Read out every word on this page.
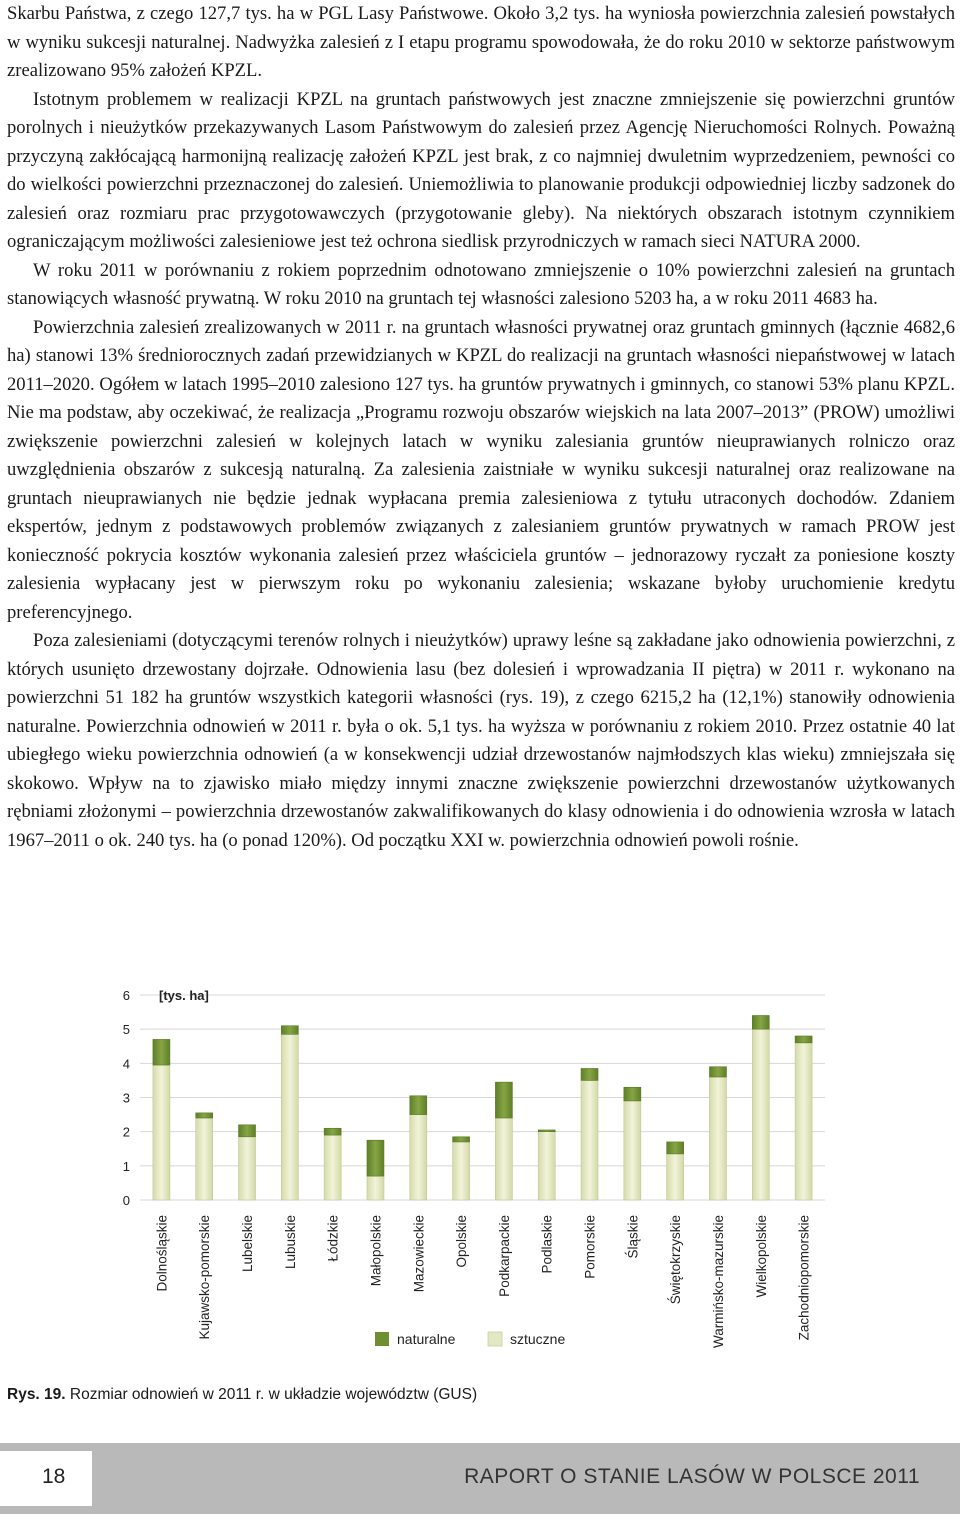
Skarbu Państwa, z czego 127,7 tys. ha w PGL Lasy Państwowe. Około 3,2 tys. ha wyniosła powierzchnia zalesień powstałych w wyniku sukcesji naturalnej. Nadwyżka zalesień z I etapu programu spowodowała, że do roku 2010 w sektorze państwowym zrealizowano 95% założeń KPZL.

Istotnym problemem w realizacji KPZL na gruntach państwowych jest znaczne zmniejszenie się powierzchni gruntów porolnych i nieużytków przekazywanych Lasom Państwowym do zalesień przez Agencję Nieruchomości Rolnych. Poważną przyczyną zakłócającą harmonijną realizację założeń KPZL jest brak, z co najmniej dwuletnim wyprzedzeniem, pewności co do wielkości powierzchni przeznaczonej do zalesień. Uniemożliwia to planowanie produkcji odpowiedniej liczby sadzonek do zalesień oraz rozmiaru prac przygotowawczych (przygotowanie gleby). Na niektórych obszarach istotnym czynnikiem ograniczającym możliwości zalesieniowe jest też ochrona siedlisk przyrodniczych w ramach sieci NATURA 2000.

W roku 2011 w porównaniu z rokiem poprzednim odnotowano zmniejszenie o 10% powierzchni zalesień na gruntach stanowiących własność prywatną. W roku 2010 na gruntach tej własności zalesiono 5203 ha, a w roku 2011 4683 ha.

Powierzchnia zalesień zrealizowanych w 2011 r. na gruntach własności prywatnej oraz gruntach gminnych (łącznie 4682,6 ha) stanowi 13% średniorocznych zadań przewidzianych w KPZL do realizacji na gruntach własności niepaństwowej w latach 2011–2020. Ogółem w latach 1995–2010 zalesiono 127 tys. ha gruntów prywatnych i gminnych, co stanowi 53% planu KPZL. Nie ma podstaw, aby oczekiwać, że realizacja „Programu rozwoju obszarów wiejskich na lata 2007–2013” (PROW) umożliwi zwiększenie powierzchni zalesień w kolejnych latach w wyniku zalesiania gruntów nieuprawianych rolniczo oraz uwzględnienia obszarów z sukcesją naturalną. Za zalesienia zaistniałe w wyniku sukcesji naturalnej oraz realizowane na gruntach nieuprawianych nie będzie jednak wypłacana premia zalesieniowa z tytułu utraconych dochodów. Zdaniem ekspertów, jednym z podstawowych problemów związanych z zalesianiem gruntów prywatnych w ramach PROW jest konieczność pokrycia kosztów wykonania zalesień przez właściciela gruntów – jednorazowy ryczałt za poniesione koszty zalesienia wypłacany jest w pierwszym roku po wykonaniu zalesienia; wskazane byłoby uruchomienie kredytu preferencyjnego.

Poza zalesieniami (dotyczącymi terenów rolnych i nieużytków) uprawy leśne są zakładane jako odnowienia powierzchni, z których usunięto drzewostany dojrzałe. Odnowienia lasu (bez dolesień i wprowadzania II piętra) w 2011 r. wykonano na powierzchni 51 182 ha gruntów wszystkich kategorii własności (rys. 19), z czego 6215,2 ha (12,1%) stanowiły odnowienia naturalne. Powierzchnia odnowień w 2011 r. była o ok. 5,1 tys. ha wyższa w porównaniu z rokiem 2010. Przez ostatnie 40 lat ubiegłego wieku powierzchnia odnowień (a w konsekwencji udział drzewostanów najmłodszych klas wieku) zmniejszała się skokowo. Wpływ na to zjawisko miało między innymi znaczne zwiększenie powierzchni drzewostanów użytkowanych rębniami złożonymi – powierzchnia drzewostanów zakwalifikowanych do klasy odnowienia i do odnowienia wzrosła w latach 1967–2011 o ok. 240 tys. ha (o ponad 120%). Od początku XXI w. powierzchnia odnowień powoli rośnie.

0
1
2
3
4
5
6 [tys. ha]
Dolnośląskie Kujawsko-pomorskie Lubelskie Lubuskie Łódzkie Małopolskie Mazowieckie Opolskie Podkarpackie Podlaskie Pomorskie Śląskie Świętokrzyskie Warmińsko-mazurskie Wielkopolskie Zachodniopomorskie
naturalne	sztuczne
Rys. 19. Rozmiar odnowień w 2011 r. w układzie województw (GUS)
18	RAPORT O STANIE LASÓW W POLSCE 2011
